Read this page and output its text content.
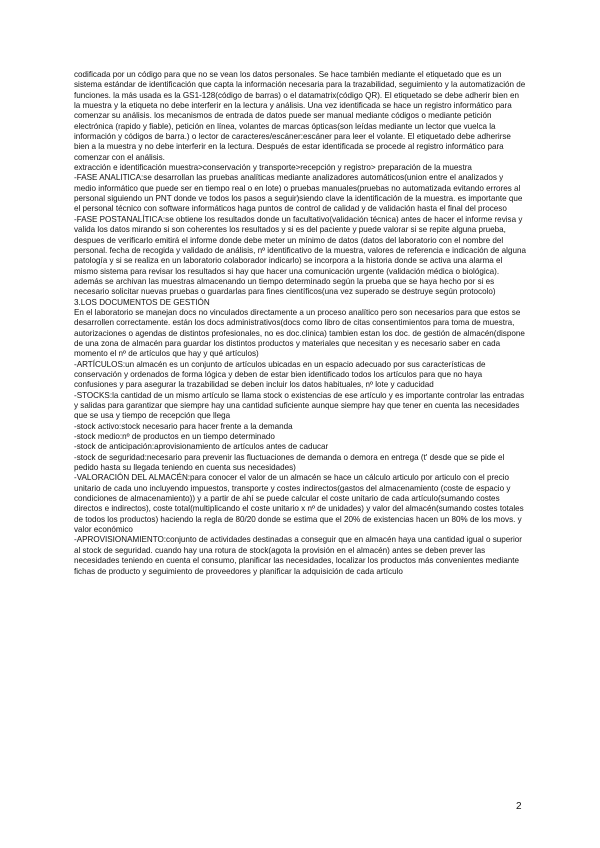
codificada por un código para que no se vean los datos personales. Se hace también mediante el etiquetado que es un sistema estándar de identificación que capta la información necesaria para la trazabilidad, seguimiento y la automatización de funciones. la más usada es la GS1-128(código de barras) o el datamatrix(código QR). El etiquetado se debe adherir bien en la muestra y la etiqueta no debe interferir en la lectura y análisis. Una vez identificada se hace un registro informático para comenzar su análisis. los mecanismos de entrada de datos puede ser manual mediante códigos o mediante petición electrónica (rapido y fiable), petición en línea, volantes de marcas ópticas(son leídas mediante un lector que vuelca la información y códigos de barra.) o lector de caracteres/escáner:escáner para leer el volante. El etiquetado debe adherirse bien a la muestra y no debe interferir en la lectura. Después de estar identificada se procede al registro informático para comenzar con el análisis.

extracción e identificación muestra>conservación y transporte>recepción y registro> preparación de la muestra

-FASE ANALITICA:se desarrollan las pruebas analíticas mediante analizadores automáticos(union entre el analizados y medio informático que puede ser en tiempo real o en lote) o pruebas manuales(pruebas no automatizada evitando errores al personal siguiendo un PNT donde ve todos los pasos a seguir)siendo clave la identificación de la muestra. es importante que el personal técnico con software informáticos haga puntos de control de calidad y de validación hasta el final del proceso

-FASE POSTANALÍTICA:se obtiene los resultados donde un facultativo(validación técnica) antes de hacer el informe revisa y valida los datos mirando si son coherentes los resultados y si es del paciente y puede valorar si se repite alguna prueba, despues de verificarlo emitirá el informe donde debe meter un mínimo de datos (datos del laboratorio con el nombre del personal. fecha de recogida y validado de análisis, nº identificativo de la muestra, valores de referencia e indicación de alguna patología y si se realiza en un laboratorio colaborador indicarlo) se incorpora a la historia donde se activa una alarma el mismo sistema para revisar los resultados si hay que hacer una comunicación urgente (validación médica o biológica). además se archivan las muestras almacenando un tiempo determinado según la prueba que se haya hecho por si es necesario solicitar nuevas pruebas o guardarlas para fines científicos(una vez superado se destruye según protocolo)

3.LOS DOCUMENTOS DE GESTIÓN

En el laboratorio se manejan docs no vinculados directamente a un proceso analítico pero son necesarios para que estos se desarrollen correctamente. están los docs administrativos(docs como libro de citas consentimientos para toma de muestra, autorizaciones o agendas de distintos profesionales, no es doc.clinica) tambien estan los doc. de gestión de almacén(dispone de una zona de almacén para guardar los distintos productos y materiales que necesitan y es necesario saber en cada momento el nº de artículos que hay y qué artículos)

-ARTÍCULOS:un almacén es un conjunto de artículos ubicadas en un espacio adecuado por sus características de conservación y ordenados de forma lógica y deben de estar bien identificado todos los artículos para que no haya confusiones y para asegurar la trazabilidad se deben incluir los datos habituales, nº lote y caducidad

-STOCKS:la cantidad de un mismo artículo se llama stock o existencias de ese artículo y es importante controlar las entradas y salidas para garantizar que siempre hay una cantidad suficiente aunque siempre hay que tener en cuenta las necesidades que se usa y tiempo de recepción que llega

-stock activo:stock necesario para hacer frente a la demanda

-stock medio:nº de productos en un tiempo determinado

-stock de anticipación:aprovisionamiento de artículos antes de caducar

-stock de seguridad:necesario para prevenir las fluctuaciones de demanda o demora en entrega (t' desde que se pide el pedido hasta su llegada teniendo en cuenta sus necesidades)

-VALORACIÓN DEL ALMACÉN:para conocer el valor de un almacén se hace un cálculo articulo por articulo con el precio unitario de cada uno incluyendo impuestos, transporte y costes indirectos(gastos del almacenamiento (coste de espacio y condiciones de almacenamiento)) y a partir de ahí se puede calcular el coste unitario de cada artículo(sumando costes directos e indirectos), coste total(multiplicando el coste unitario x nº de unidades) y valor del almacén(sumando costes totales de todos los productos) haciendo la regla de 80/20 donde se estima que el 20% de existencias hacen un 80% de los movs. y valor económico

-APROVISIONAMIENTO:conjunto de actividades destinadas a conseguir que en almacén haya una cantidad igual o superior al stock de seguridad. cuando hay una rotura de stock(agota la provisión en el almacén) antes se deben prever las necesidades teniendo en cuenta el consumo, planificar las necesidades, localizar los productos más convenientes mediante fichas de producto y seguimiento de proveedores y planificar la adquisición de cada artículo

2
